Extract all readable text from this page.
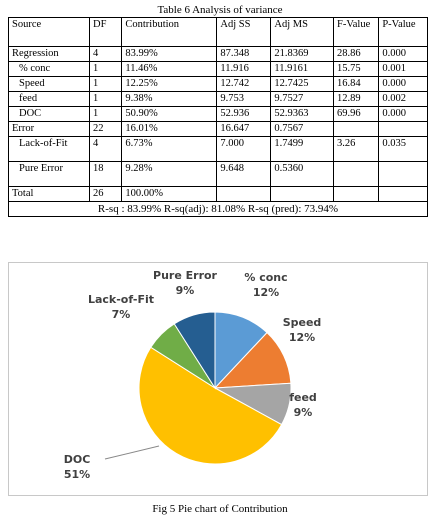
Table 6 Analysis of variance
Source	DF	Contribution	Adj SS	Adj MS	F-Value	P-Value
Regression	4	83.99%	87.348	21.8369	28.86	0.000
% conc	1	11.46%	11.916	11.9161	15.75	0.001
Speed	1	12.25%	12.742	12.7425	16.84	0.000
feed	1	9.38%	9.753	9.7527	12.89	0.002
DOC	1	50.90%	52.936	52.9363	69.96	0.000
Error	22	16.01%	16.647	0.7567		
Lack-of-Fit	4	6.73%	7.000	1.7499	3.26	0.035
Pure Error	18	9.28%	9.648	0.5360		
Total	26	100.00%				
R-sq : 83.99% R-sq(adj): 81.08% R-sq (pred): 73.94%						
% conc 12%
Speed 12%
feed 9%
DOC 51%
Lack-of-Fit 7%
Pure Error 9%
Fig 5 Pie chart of Contribution
